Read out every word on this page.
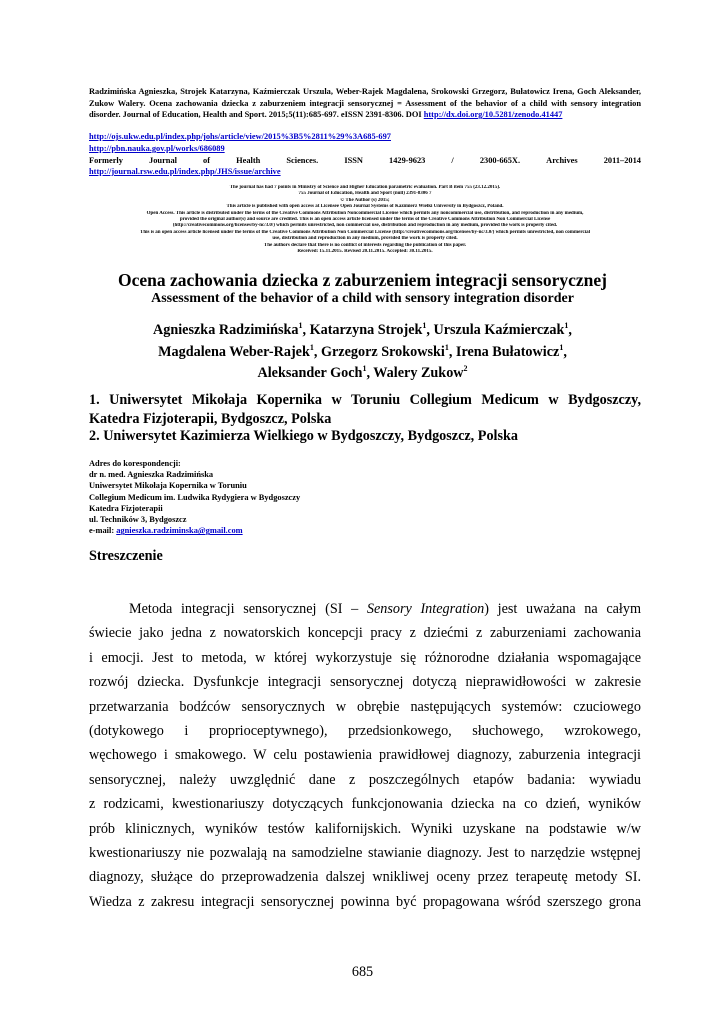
Radzimińska Agnieszka, Strojek Katarzyna, Kaźmierczak Urszula, Weber-Rajek Magdalena, Srokowski Grzegorz, Bułatowicz Irena, Goch Aleksander, Zukow Walery. Ocena zachowania dziecka z zaburzeniem integracji sensorycznej = Assessment of the behavior of a child with sensory integration disorder. Journal of Education, Health and Sport. 2015;5(11):685-697. eISSN 2391-8306. DOI http://dx.doi.org/10.5281/zenodo.41447
http://ojs.ukw.edu.pl/index.php/johs/article/view/2015%3B5%2811%29%3A685-697
http://pbn.nauka.gov.pl/works/686089
Formerly	Journal	of	Health	Sciences.	ISSN	1429-9623	/	2300-665X.	Archives	2011–2014
http://journal.rsw.edu.pl/index.php/JHS/issue/archive
The journal has had 7 points in Ministry of Science and Higher Education parametric evaluation. Part B item 755 (23.12.2015).
755 Journal of Education, Health and Sport (null) 2391-8306 7
© The Author (s) 2015;
This article is published with open access at Licensee Open Journal Systems of Kazimierz Wielki University in Bydgoszcz, Poland.
Open Access. This article is distributed under the terms of the Creative Commons Attribution Noncommercial License which permits any noncommercial use, distribution, and reproduction in any medium,
provided the original author(s) and source are credited. This is an open access article licensed under the terms of the Creative Commons Attribution Non Commercial License
(http://creativecommons.org/licenses/by-nc/3.0/) which permits unrestricted, non commercial use, distribution and reproduction in any medium, provided the work is properly cited.
This is an open access article licensed under the terms of the Creative Commons Attribution Non Commercial License (http://creativecommons.org/licenses/by-nc/3.0/) which permits unrestricted, non commercial
use, distribution and reproduction in any medium, provided the work is properly cited.
The authors declare that there is no conflict of interests regarding the publication of this paper.
Received: 15.11.2015. Revised 20.11.2015. Accepted: 30.11.2015.
Ocena zachowania dziecka z zaburzeniem integracji sensorycznej
Assessment of the behavior of a child with sensory integration disorder
Agnieszka Radzimińska$^1$, Katarzyna Strojek$^1$, Urszula Kaźmierczak$^1$,
Magdalena Weber-Rajek$^1$, Grzegorz Srokowski$^1$, Irena Bułatowicz$^1$,
Aleksander Goch$^1$, Walery Zukow$^2$
1. Uniwersytet Mikołaja Kopernika w Toruniu Collegium Medicum w Bydgoszczy, Katedra Fizjoterapii, Bydgoszcz, Polska
2. Uniwersytet Kazimierza Wielkiego w Bydgoszczy, Bydgoszcz, Polska
Adres do korespondencji:
dr n. med. Agnieszka Radzimińska
Uniwersytet Mikołaja Kopernika w Toruniu
Collegium Medicum im. Ludwika Rydygiera w Bydgoszczy
Katedra Fizjoterapii
ul. Techników 3, Bydgoszcz
e-mail: agnieszka.radziminska@gmail.com
Streszczenie
Metoda integracji sensorycznej (SI – Sensory Integration) jest uważana na całym
świecie jako jedna z nowatorskich koncepcji pracy z dziećmi z zaburzeniami zachowania
i emocji. Jest to metoda, w której wykorzystuje się różnorodne działania wspomagające
rozwój dziecka. Dysfunkcje integracji sensorycznej dotyczą nieprawidłowości w zakresie
przetwarzania bodźców sensorycznych w obrębie następujących systemów: czuciowego
(dotykowego i proprioceptywnego), przedsionkowego, słuchowego, wzrokowego,
węchowego i smakowego. W celu postawienia prawidłowej diagnozy, zaburzenia integracji
sensorycznej, należy uwzględnić dane z poszczególnych etapów badania: wywiadu
z rodzicami, kwestionariuszy dotyczących funkcjonowania dziecka na co dzień, wyników
prób klinicznych, wyników testów kalifornijskich. Wyniki uzyskane na podstawie w/w
kwestionariuszy nie pozwalają na samodzielne stawianie diagnozy. Jest to narzędzie wstępnej
diagnozy, służące do przeprowadzenia dalszej wnikliwej oceny przez terapeutę metody SI.
Wiedza z zakresu integracji sensorycznej powinna być propagowana wśród szerszego grona
685
